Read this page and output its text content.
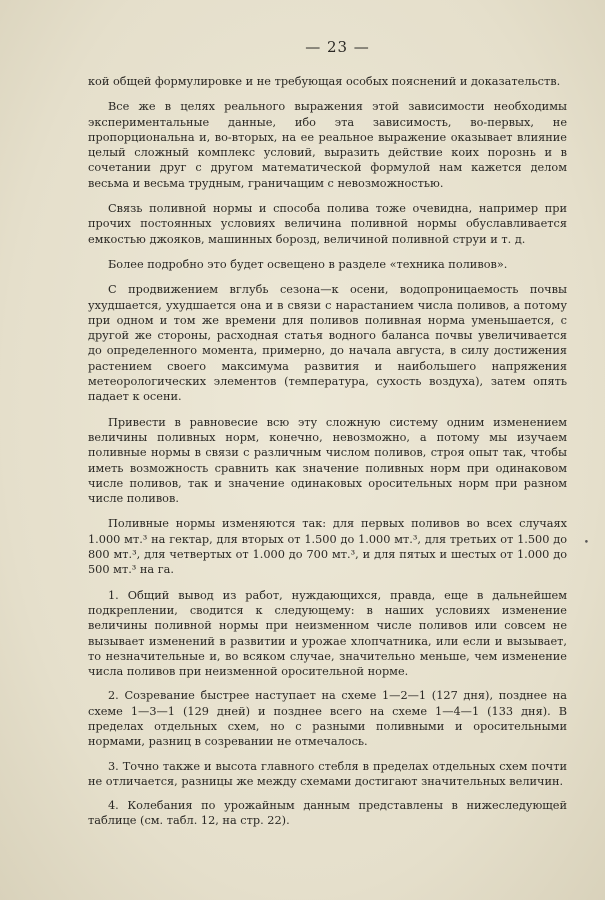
— 23 —

кой общей формулировке и не требующая особых пояснений и доказательств.

Все же в целях реального выражения этой зависимости необходимы экспериментальные данные, ибо эта зависимость, во-первых, не пропорциональна и, во-вторых, на ее реальное выражение оказывает влияние целый сложный комплекс условий, выразить действие коих порознь и в сочетании друг с другом математической формулой нам кажется делом весьма и весьма трудным, граничащим с невозможностью.

Связь поливной нормы и способа полива тоже очевидна, например при прочих постоянных условиях величина поливной нормы обуславливается емкостью джояков, машинных борозд, величиной поливной струи и т. д.

Более подробно это будет освещено в разделе «техника поливов».

С продвижением вглубь сезона—к осени, водопроницаемость почвы ухудшается, ухудшается она и в связи с нарастанием числа поливов, а потому при одном и том же времени для поливов поливная норма уменьшается, с другой же стороны, расходная статья водного баланса почвы увеличивается до определенного момента, примерно, до начала августа, в силу достижения растением своего максимума развития и наибольшего напряжения метеорологических элементов (температура, сухость воздуха), затем опять падает к осени.

Привести в равновесие всю эту сложную систему одним изменением величины поливных норм, конечно, невозможно, а потому мы изучаем поливные нормы в связи с различным числом поливов, строя опыт так, чтобы иметь возможность сравнить как значение поливных норм при одинаковом числе поливов, так и значение одинаковых оросительных норм при разном числе поливов.

Поливные нормы изменяются так: для первых поливов во всех случаях 1.000 мт.³ на гектар, для вторых от 1.500 до 1.000 мт.³, для третьих от 1.500 до 800 мт.³, для четвертых от 1.000 до 700 мт.³, и для пятых и шестых от 1.000 до 500 мт.³ на га.

1. Общий вывод из работ, нуждающихся, правда, еще в дальнейшем подкреплении, сводится к следующему: в наших условиях изменение величины поливной нормы при неизменном числе поливов или совсем не вызывает изменений в развитии и урожае хлопчатника, или если и вызывает, то незначительные и, во всяком случае, значительно меньше, чем изменение числа поливов при неизменной оросительной норме.

2. Созревание быстрее наступает на схеме 1—2—1 (127 дня), позднее на схеме 1—3—1 (129 дней) и позднее всего на схеме 1—4—1 (133 дня). В пределах отдельных схем, но с разными поливными и оросительными нормами, разниц в созревании не отмечалось.

3. Точно также и высота главного стебля в пределах отдельных схем почти не отличается, разницы же между схемами достигают значительных величин.

4. Колебания по урожайным данным представлены в нижеследующей таблице (см. табл. 12, на стр. 22).

•
